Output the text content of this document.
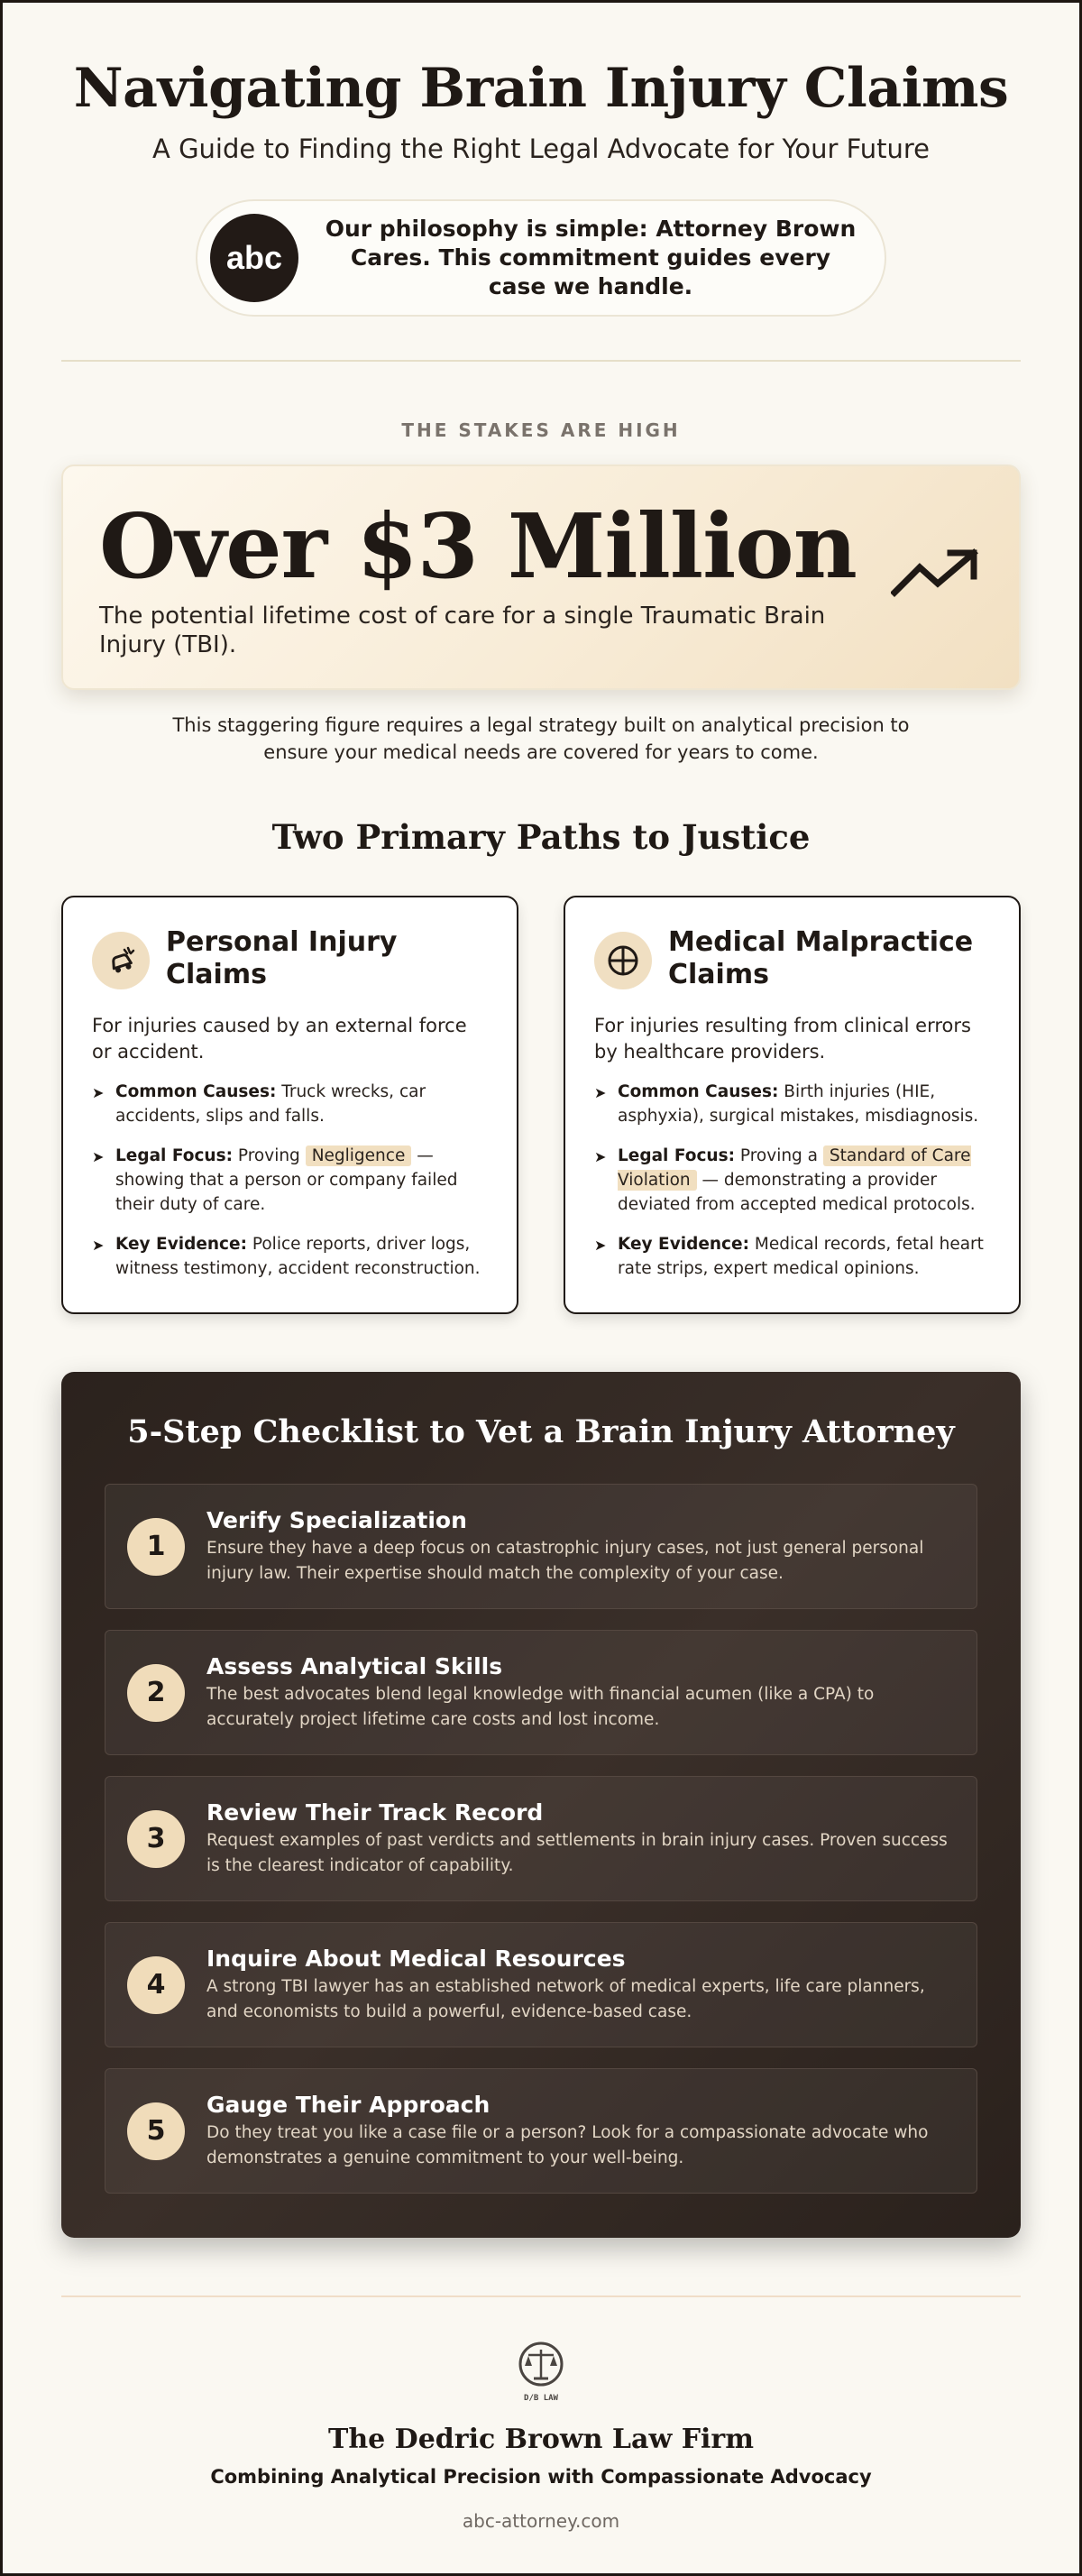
Navigating Brain Injury Claims
A Guide to Finding the Right Legal Advocate for Your Future
abc
Our philosophy is simple: Attorney Brown Cares. This commitment guides every case we handle.
THE STAKES ARE HIGH
Over $3 Million
The potential lifetime cost of care for a single Traumatic Brain Injury (TBI).
This staggering figure requires a legal strategy built on analytical precision to ensure your medical needs are covered for years to come.
Two Primary Paths to Justice
Personal Injury Claims
For injuries caused by an external force or accident.
➤ Common Causes: Truck wrecks, car accidents, slips and falls.
➤ Legal Focus: Proving Negligence — showing that a person or company failed their duty of care.
➤ Key Evidence: Police reports, driver logs, witness testimony, accident reconstruction.
Medical Malpractice Claims
For injuries resulting from clinical errors by healthcare providers.
➤ Common Causes: Birth injuries (HIE, asphyxia), surgical mistakes, misdiagnosis.
➤ Legal Focus: Proving a Standard of Care Violation — demonstrating a provider deviated from accepted medical protocols.
➤ Key Evidence: Medical records, fetal heart rate strips, expert medical opinions.
5-Step Checklist to Vet a Brain Injury Attorney
1
Verify Specialization
Ensure they have a deep focus on catastrophic injury cases, not just general personal injury law. Their expertise should match the complexity of your case.
2
Assess Analytical Skills
The best advocates blend legal knowledge with financial acumen (like a CPA) to accurately project lifetime care costs and lost income.
3
Review Their Track Record
Request examples of past verdicts and settlements in brain injury cases. Proven success is the clearest indicator of capability.
4
Inquire About Medical Resources
A strong TBI lawyer has an established network of medical experts, life care planners, and economists to build a powerful, evidence-based case.
5
Gauge Their Approach
Do they treat you like a case file or a person? Look for a compassionate advocate who demonstrates a genuine commitment to your well-being.
D/B LAW
The Dedric Brown Law Firm
Combining Analytical Precision with Compassionate Advocacy
abc-attorney.com
